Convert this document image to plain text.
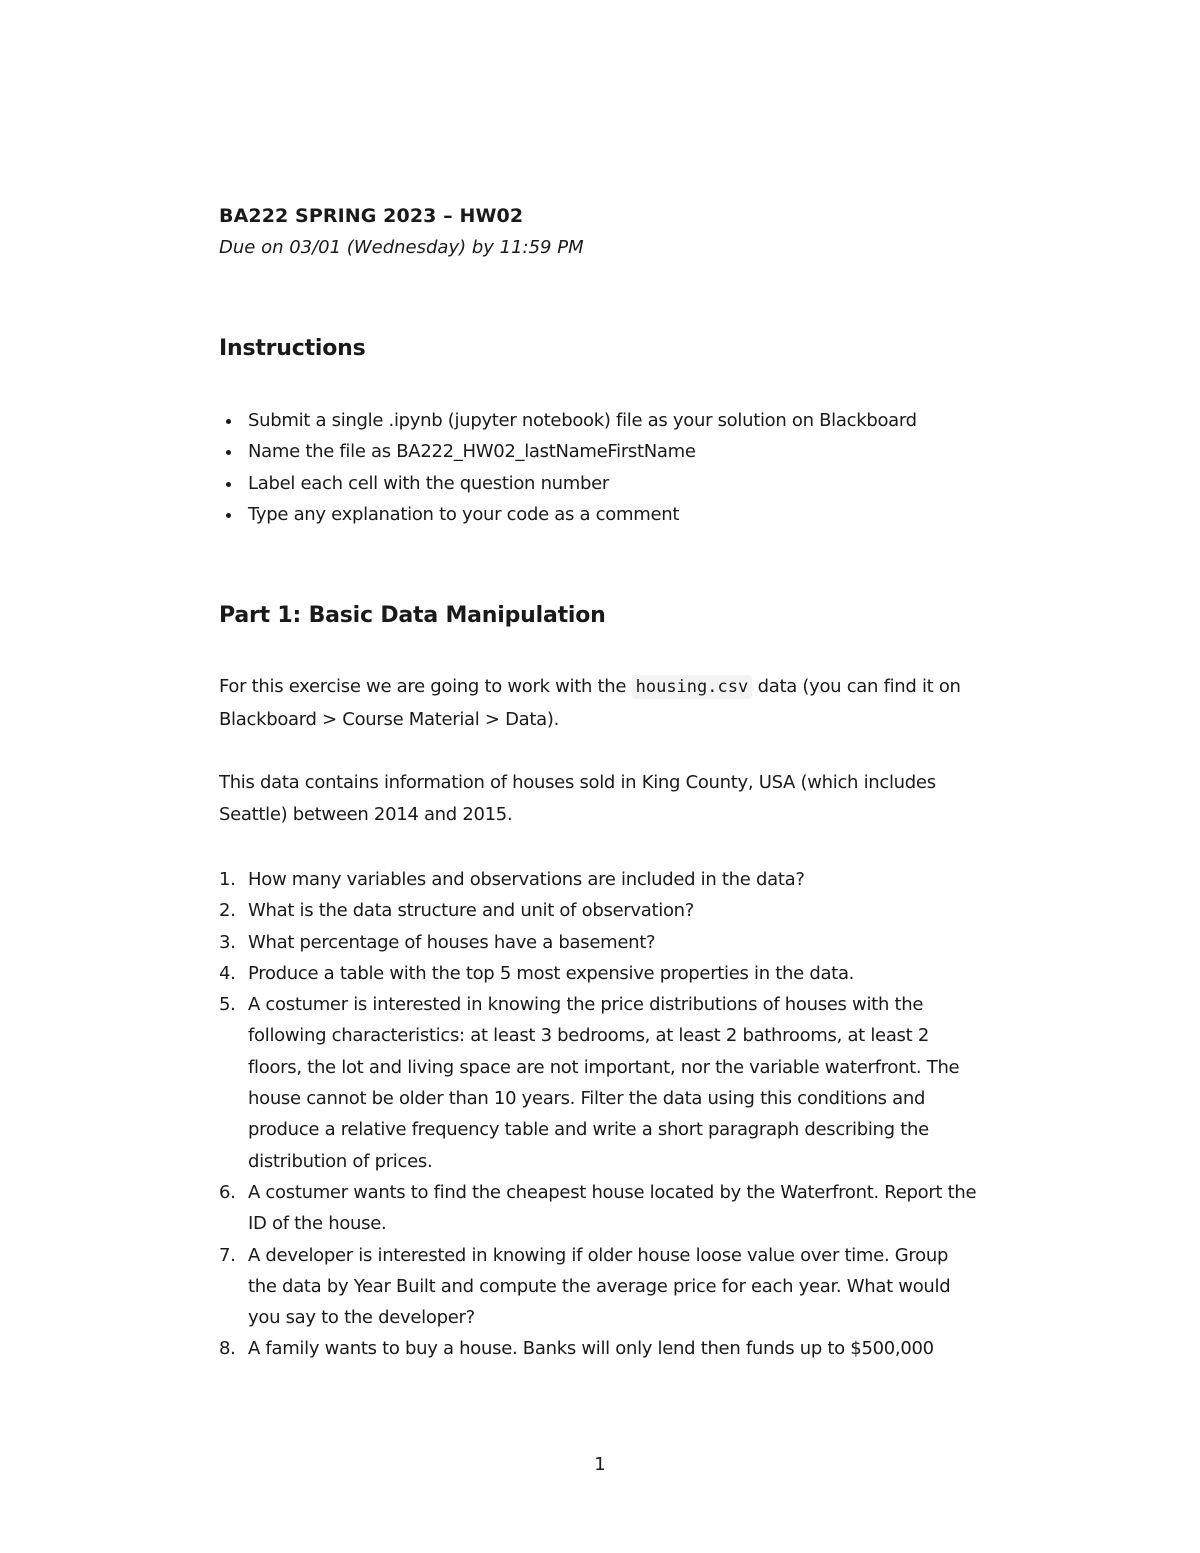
BA222 SPRING 2023 – HW02
Due on 03/01 (Wednesday) by 11:59 PM
Instructions
Submit a single .ipynb (jupyter notebook) file as your solution on Blackboard
Name the file as BA222_HW02_lastNameFirstName
Label each cell with the question number
Type any explanation to your code as a comment
Part 1: Basic Data Manipulation
For this exercise we are going to work with the housing.csv data (you can find it on Blackboard > Course Material > Data).
This data contains information of houses sold in King County, USA (which includes Seattle) between 2014 and 2015.
1. How many variables and observations are included in the data?
2. What is the data structure and unit of observation?
3. What percentage of houses have a basement?
4. Produce a table with the top 5 most expensive properties in the data.
5. A costumer is interested in knowing the price distributions of houses with the following characteristics: at least 3 bedrooms, at least 2 bathrooms, at least 2 floors, the lot and living space are not important, nor the variable waterfront. The house cannot be older than 10 years. Filter the data using this conditions and produce a relative frequency table and write a short paragraph describing the distribution of prices.
6. A costumer wants to find the cheapest house located by the Waterfront. Report the ID of the house.
7. A developer is interested in knowing if older house loose value over time. Group the data by Year Built and compute the average price for each year. What would you say to the developer?
8. A family wants to buy a house. Banks will only lend then funds up to $500,000
1
